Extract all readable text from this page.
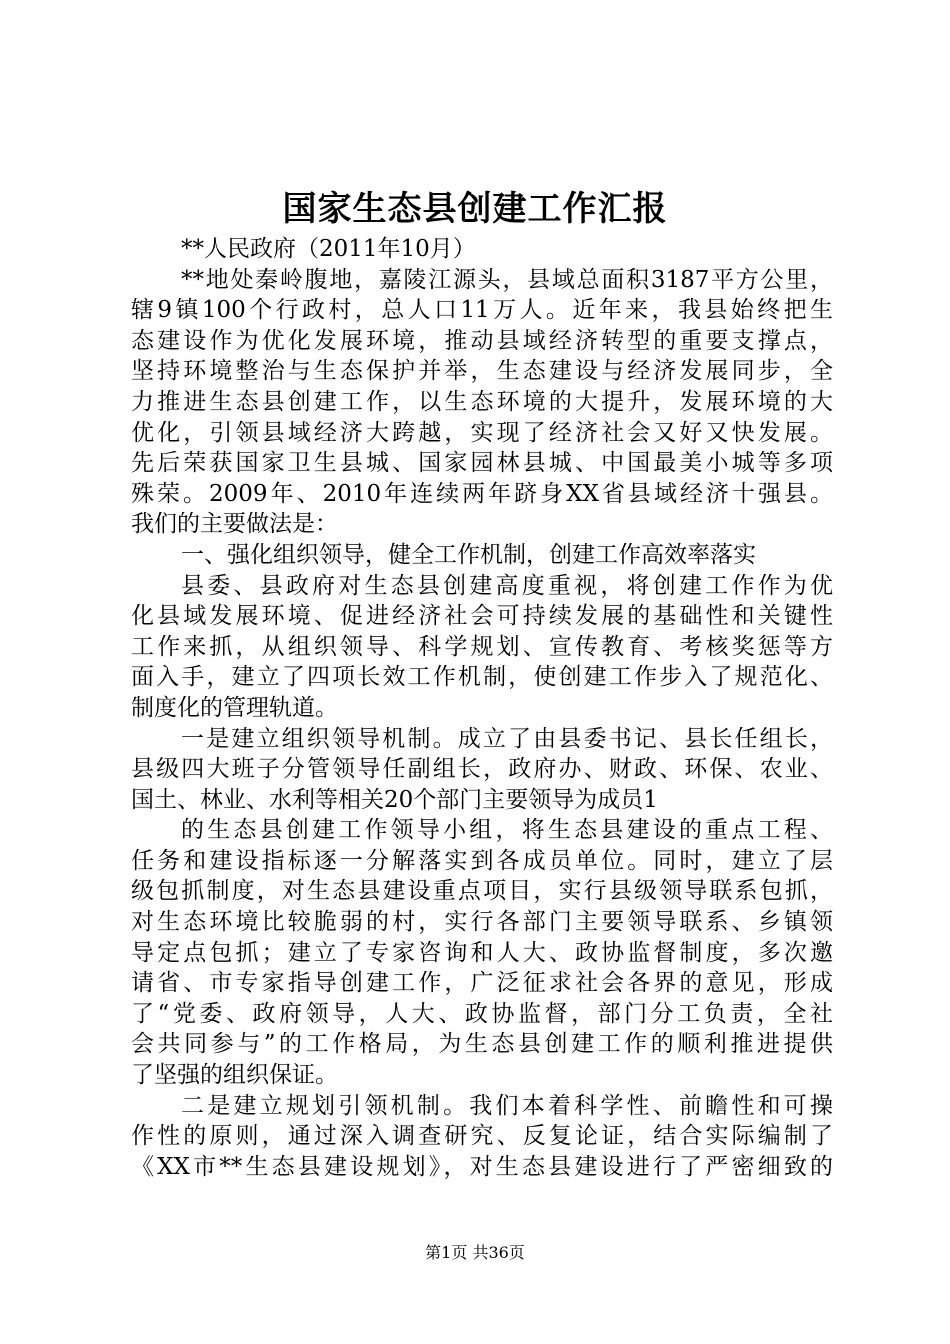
国家生态县创建工作汇报
**人民政府（2011年10月）
**地处秦岭腹地，嘉陵江源头，县域总面积3187平方公里，
辖9镇100个行政村，总人口11万人。近年来，我县始终把生
态建设作为优化发展环境，推动县域经济转型的重要支撑点，
坚持环境整治与生态保护并举，生态建设与经济发展同步，全
力推进生态县创建工作，以生态环境的大提升，发展环境的大
优化，引领县域经济大跨越，实现了经济社会又好又快发展。
先后荣获国家卫生县城、国家园林县城、中国最美小城等多项
殊荣。2009年、2010年连续两年跻身XX省县域经济十强县。
我们的主要做法是：
一、强化组织领导，健全工作机制，创建工作高效率落实
县委、县政府对生态县创建高度重视，将创建工作作为优
化县域发展环境、促进经济社会可持续发展的基础性和关键性
工作来抓，从组织领导、科学规划、宣传教育、考核奖惩等方
面入手，建立了四项长效工作机制，使创建工作步入了规范化、
制度化的管理轨道。
一是建立组织领导机制。成立了由县委书记、县长任组长，
县级四大班子分管领导任副组长，政府办、财政、环保、农业、
国土、林业、水利等相关20个部门主要领导为成员1
的生态县创建工作领导小组，将生态县建设的重点工程、
任务和建设指标逐一分解落实到各成员单位。同时，建立了层
级包抓制度，对生态县建设重点项目，实行县级领导联系包抓，
对生态环境比较脆弱的村，实行各部门主要领导联系、乡镇领
导定点包抓；建立了专家咨询和人大、政协监督制度，多次邀
请省、市专家指导创建工作，广泛征求社会各界的意见，形成
了“党委、政府领导，人大、政协监督，部门分工负责，全社
会共同参与”的工作格局，为生态县创建工作的顺利推进提供
了坚强的组织保证。
二是建立规划引领机制。我们本着科学性、前瞻性和可操
作性的原则，通过深入调查研究、反复论证，结合实际编制了
《XX市**生态县建设规划》，对生态县建设进行了严密细致的
第1页 共36页
